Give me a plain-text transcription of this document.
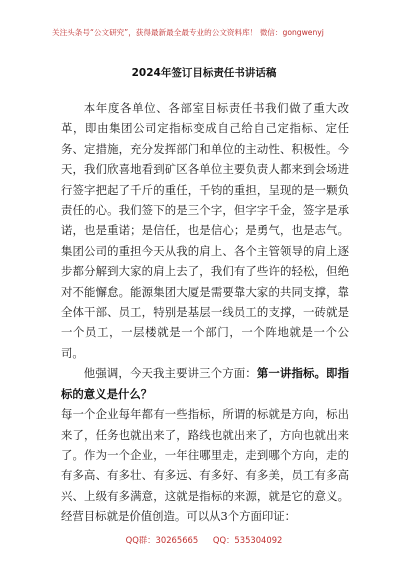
关注头条号“公文研究”，获得最新最全最专业的公文资料库！ 微信：gongwenyj
2024年签订目标责任书讲话稿

本年度各单位、各部室目标责任书我们做了重大改革，即由集团公司定指标变成自己给自己定指标、定任务、定措施，充分发挥部门和单位的主动性、积极性。今天，我们欣喜地看到矿区各单位主要负责人都来到会场进行签字把起了千斤的重任，千钧的重担，呈现的是一颗负责任的心。我们签下的是三个字，但字字千金，签字是承诺，也是重诺；是信任，也是信心；是勇气，也是志气。集团公司的重担今天从我的肩上、各个主管领导的肩上逐步都分解到大家的肩上去了，我们有了些许的轻松，但绝对不能懈怠。能源集团大厦是需要靠大家的共同支撑，靠全体干部、员工，特别是基层一线员工的支撑，一砖就是一个员工，一层楼就是一个部门，一个阵地就是一个公司。

他强调，今天我主要讲三个方面：第一讲指标。即指标的意义是什么？

每一个企业每年都有一些指标，所谓的标就是方向，标出来了，任务也就出来了，路线也就出来了，方向也就出来了。作为一个企业，一年往哪里走，走到哪个方向，走的有多高、有多壮、有多远、有多好、有多美，员工有多高兴、上级有多满意，这就是指标的来源，就是它的意义。经营目标就是价值创造。可以从3个方面印证：

QQ群：30265665 QQ：535304092
